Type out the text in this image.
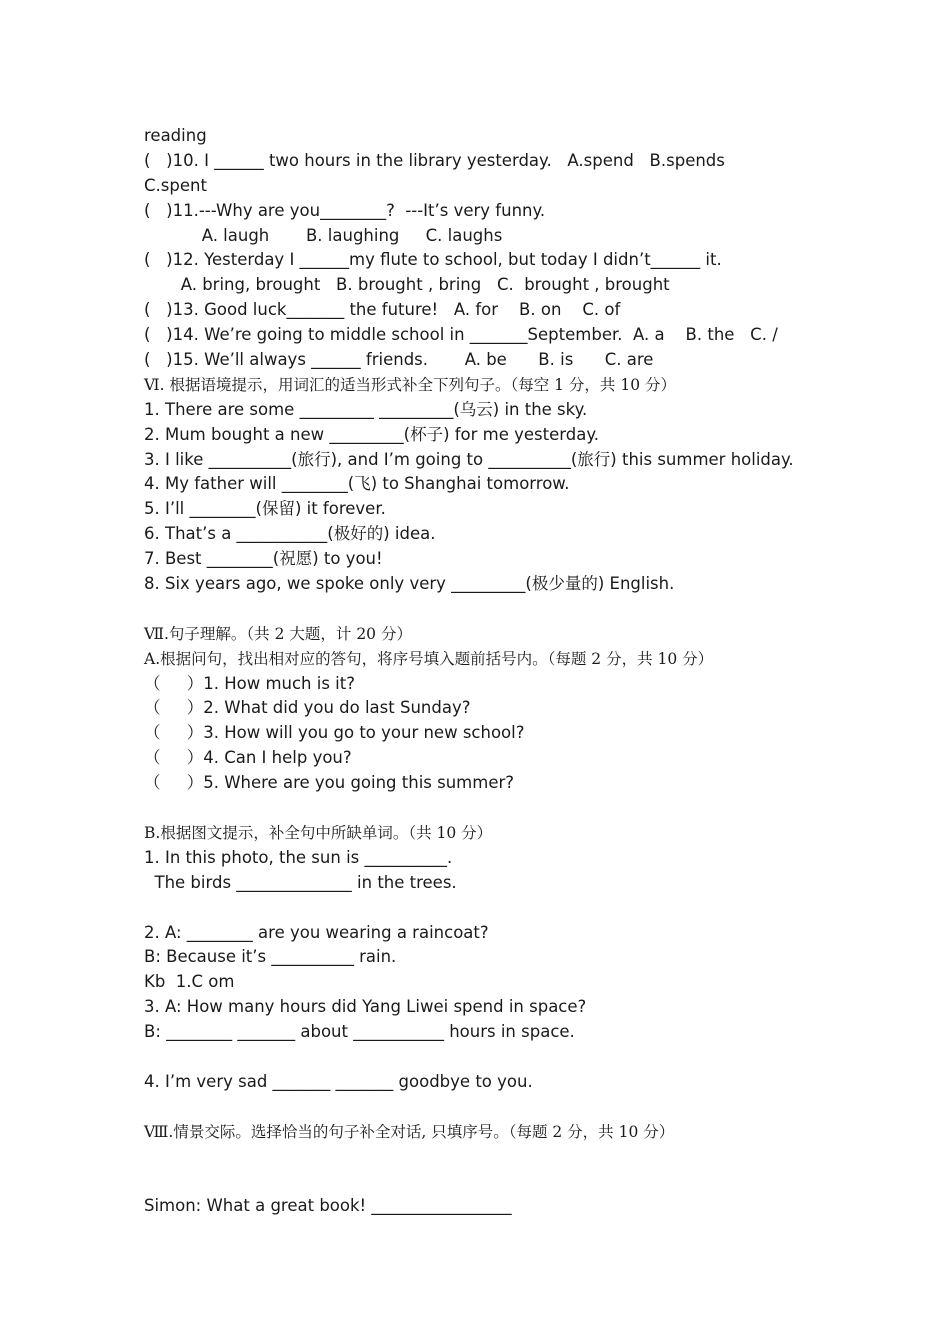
reading
(   )10. I ______ two hours in the library yesterday.   A.spend   B.spends
C.spent
(   )11.---Why are you________?  ---It’s very funny.
A. laugh       B. laughing     C. laughs
(   )12. Yesterday I ______my flute to school, but today I didn’t______ it.
A. bring, brought   B. brought , bring   C.  brought , brought
(   )13. Good luck_______ the future!   A. for    B. on    C. of
(   )14. We’re going to middle school in _______September.  A. a    B. the   C. /
(   )15. We’ll always ______ friends.       A. be      B. is      C. are
Ⅵ. 根据语境提示，用词汇的适当形式补全下列句子。（每空 1 分，共 10 分）
1. There are some _________ _________(乌云) in the sky.
2. Mum bought a new _________(杯子) for me yesterday.
3. I like __________(旅行), and I’m going to __________(旅行) this summer holiday.
4. My father will ________(飞) to Shanghai tomorrow.
5. I’ll ________(保留) it forever.
6. That’s a ___________(极好的) idea.
7. Best ________(祝愿) to you!
8. Six years ago, we spoke only very _________(极少量的) English.
Ⅶ.句子理解。（共 2 大题，计 20 分）
A.根据问句，找出相对应的答句，将序号填入题前括号内。（每题 2 分，共 10 分）
（     ）1. How much is it?
（     ）2. What did you do last Sunday?
（     ）3. How will you go to your new school?
（     ）4. Can I help you?
（     ）5. Where are you going this summer?
B.根据图文提示，补全句中所缺单词。（共 10 分）
1. In this photo, the sun is __________.
The birds ______________ in the trees.
2. A: ________ are you wearing a raincoat?
B: Because it’s __________ rain.
Kb  1.C om
3. A: How many hours did Yang Liwei spend in space?
B: ________ _______ about ___________ hours in space.
4. I’m very sad _______ _______ goodbye to you.
Ⅷ.情景交际。选择恰当的句子补全对话, 只填序号。（每题 2 分，共 10 分）
Simon: What a great book! _________________
